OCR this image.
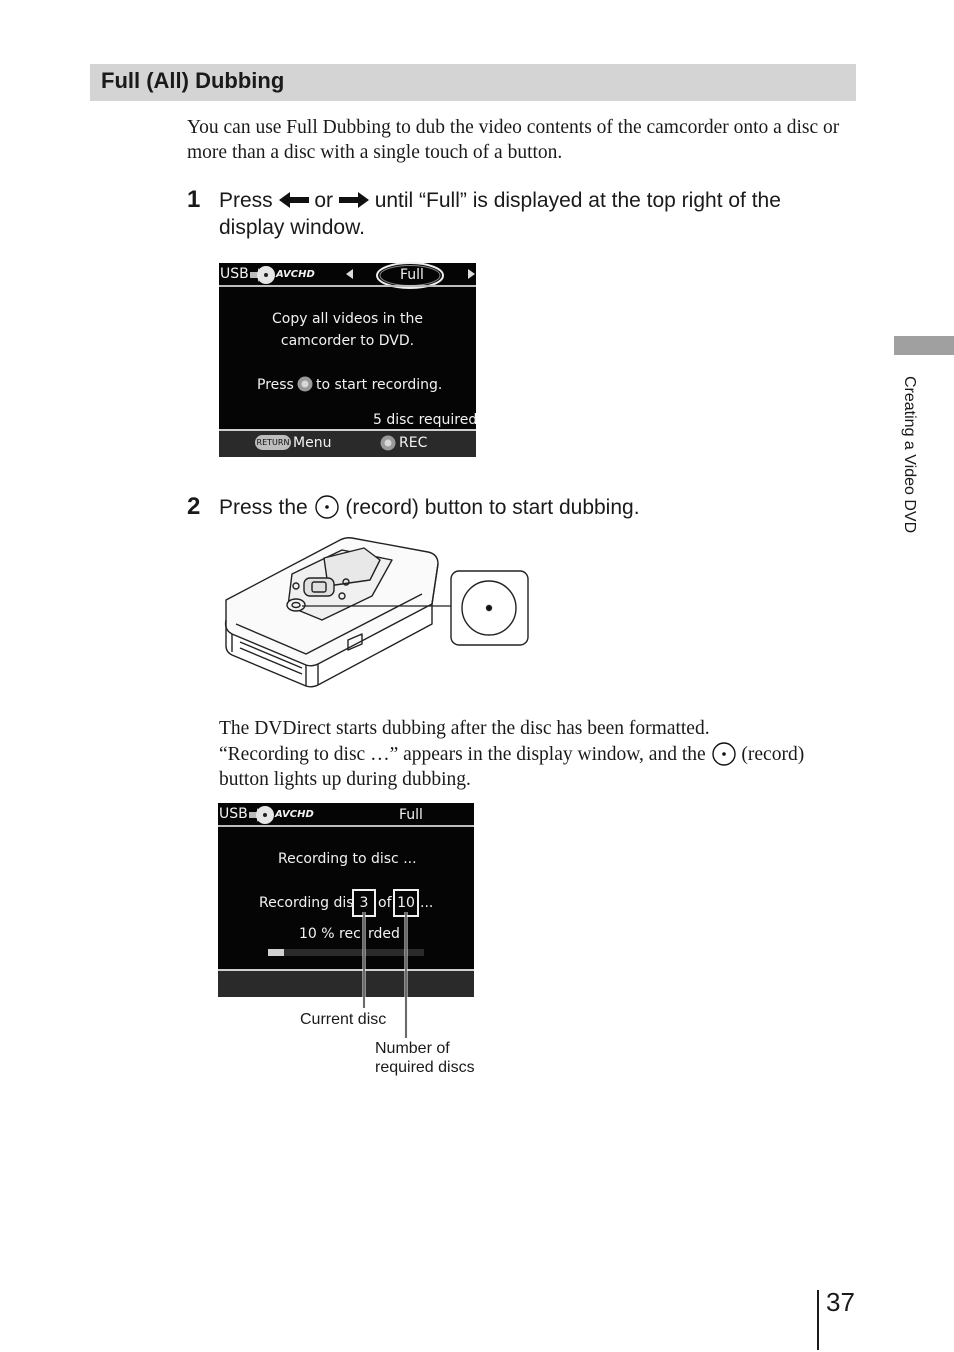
Full (All) Dubbing
You can use Full Dubbing to dub the video contents of the camcorder onto a disc or more than a disc with a single touch of a button.
1 Press  or  until “Full” is displayed at the top right of the display window.
USB	AVCHD	Full
Copy all videos in the
camcorder to DVD.
Press to start recording.
5 disc required
RETURN Menu	REC
2 Press the  (record) button to start dubbing.
The DVDirect starts dubbing after the disc has been formatted.
“Recording to disc …” appears in the display window, and the  (record)
button lights up during dubbing.
USB	AVCHD	Full
Recording to disc ...
Recording dis 3 of 10 ...
10 % rec rded
Current disc
Number of
required discs
Creating a Video DVD
37
